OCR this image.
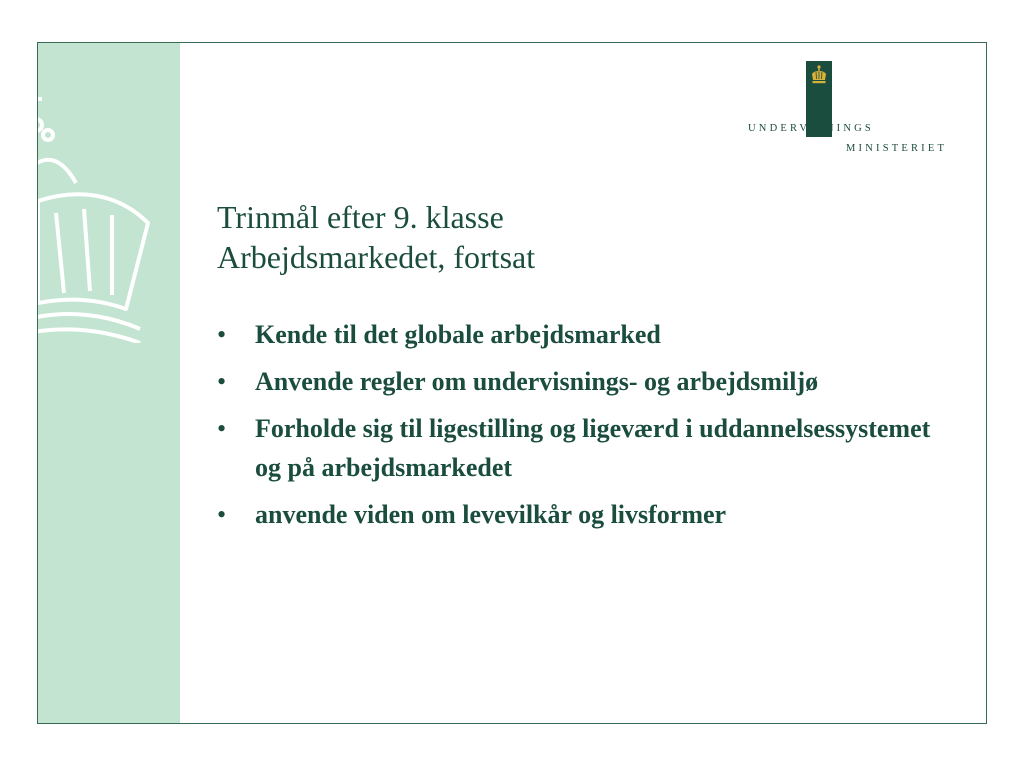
UNDERVISNINGS
MINISTERIET
Trinmål efter 9. klasse
Arbejdsmarkedet, fortsat
• Kende til det globale arbejdsmarked
• Anvende regler om undervisnings- og arbejdsmiljø
• Forholde sig til ligestilling og ligeværd i uddannelsessystemet og på arbejdsmarkedet
• anvende viden om levevilkår og livsformer
